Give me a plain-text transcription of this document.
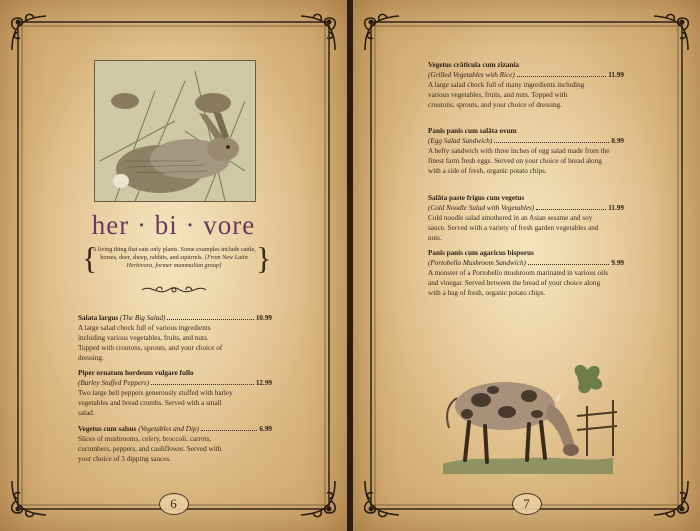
her · bi · vore
{
A living thing that eats only plants. Some examples include cattle, horses, deer, sheep, rabbits, and squirrels. [From New Latin Herbivora, former mammalian group]	}
Salata largus
(The Big Salad)	10.99
A large salad chock full of various ingredients including various vegetables, fruits, and nuts. Topped with croutons, sprouts, and your choice of dressing.
Piper ornatum hordeum vulgare fullo
(Barley Stuffed Peppers)	12.99
Two large bell peppers generously stuffed with barley vegetables and bread crumbs. Served with a small salad.
Vegetus cum salsus
(Vegetables and Dip)	6.99
Slices of mushrooms, celery, broccoli, carrots, cucumbers, peppers, and cauliflower. Served with your choice of 3 dipping sauces.
6
Vegetus crātīcula cum zizania
(Grilled Vegetables with Rice)	11.99
A large salad chock full of many ingredients including various vegetables, fruits, and nuts. Topped with croutons, sprouts, and your choice of dressing.
Panis panis cum salāta ovum
(Egg Salad Sandwich)	8.99
A hefty sandwich with three inches of egg salad made from the finest farm fresh eggs. Served on your choice of bread along with a side of fresh, organic potato chips.
Salāta paste frigus cum vegetus
(Cold Noodle Salad with Vegetables)	11.99
Cold noodle salad smothered in an Asian sesame and soy sauce. Served with a variety of fresh garden vegetables and nuts.
Panis panis cum agaricus bisporus
(Portobello Mushroom Sandwich)	9.99
A monster of a Portobello mushroom marinated in various oils and vinegar. Served between the bread of your choice along with a bag of fresh, organic potato chips.
7
